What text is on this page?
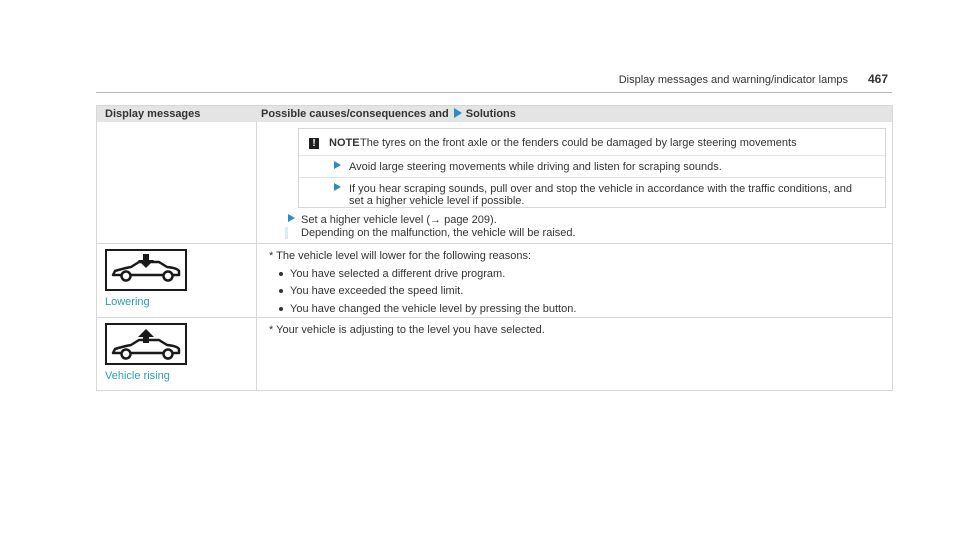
Display messages and warning/indicator lamps 467
Display messages	Possible causes/consequences and Solutions
!	NOTE The tyres on the front axle or the fenders could be damaged by large steering movements
Avoid large steering movements while driving and listen for scraping sounds.
If you hear scraping sounds, pull over and stop the vehicle in accordance with the traffic conditions, and
set a higher vehicle level if possible.
Set a higher vehicle level (→ page 209).
Depending on the malfunction, the vehicle will be raised.
Lowering
* The vehicle level will lower for the following reasons:
You have selected a different drive program.
You have exceeded the speed limit.
You have changed the vehicle level by pressing the button.
Vehicle rising
* Your vehicle is adjusting to the level you have selected.
